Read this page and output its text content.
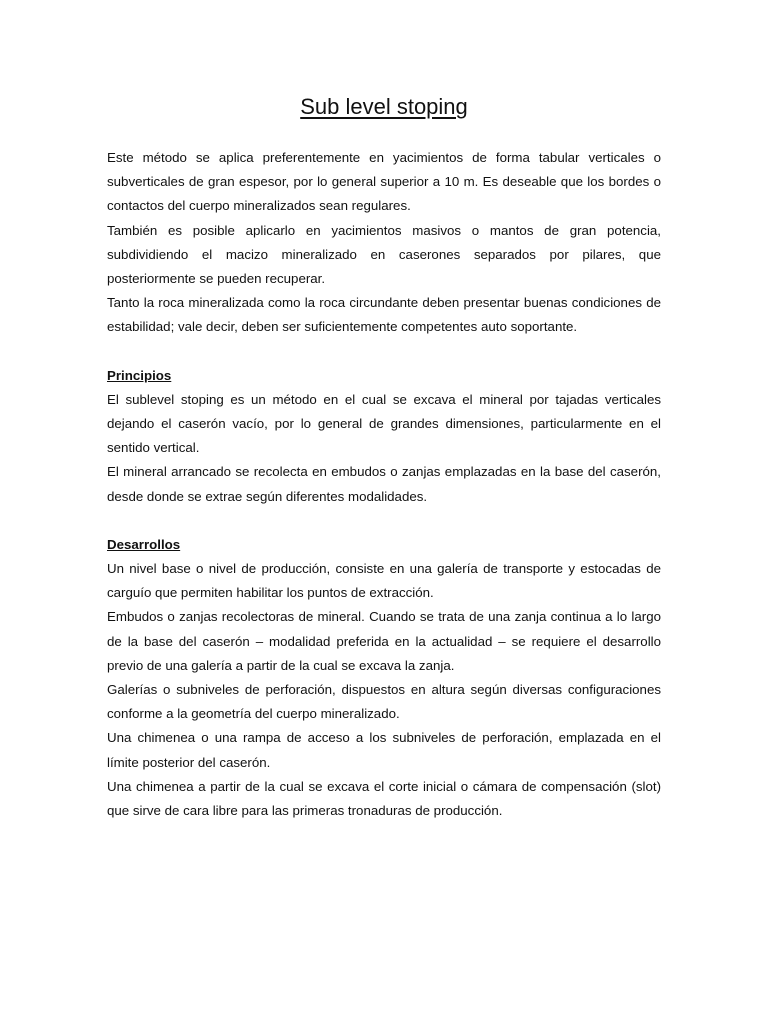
Sub level stoping

Este método se aplica preferentemente en yacimientos de forma tabular verticales o subverticales de gran espesor, por lo general superior a 10 m. Es deseable que los bordes o contactos del cuerpo mineralizados sean regulares.

También es posible aplicarlo en yacimientos masivos o mantos de gran potencia, subdividiendo el macizo mineralizado en caserones separados por pilares, que posteriormente se pueden recuperar.

Tanto la roca mineralizada como la roca circundante deben presentar buenas condiciones de estabilidad; vale decir, deben ser suficientemente competentes auto soportante.

Principios

El sublevel stoping es un método en el cual se excava el mineral por tajadas verticales dejando el caserón vacío, por lo general de grandes dimensiones, particularmente en el sentido vertical.

El mineral arrancado se recolecta en embudos o zanjas emplazadas en la base del caserón, desde donde se extrae según diferentes modalidades.

Desarrollos

Un nivel base o nivel de producción, consiste en una galería de transporte y estocadas de carguío que permiten habilitar los puntos de extracción.

Embudos o zanjas recolectoras de mineral. Cuando se trata de una zanja continua a lo largo de la base del caserón – modalidad preferida en la actualidad – se requiere el desarrollo previo de una galería a partir de la cual se excava la zanja.

Galerías o subniveles de perforación, dispuestos en altura según diversas configuraciones conforme a la geometría del cuerpo mineralizado.

Una chimenea o una rampa de acceso a los subniveles de perforación, emplazada en el límite posterior del caserón.

Una chimenea a partir de la cual se excava el corte inicial o cámara de compensación (slot) que sirve de cara libre para las primeras tronaduras de producción.
